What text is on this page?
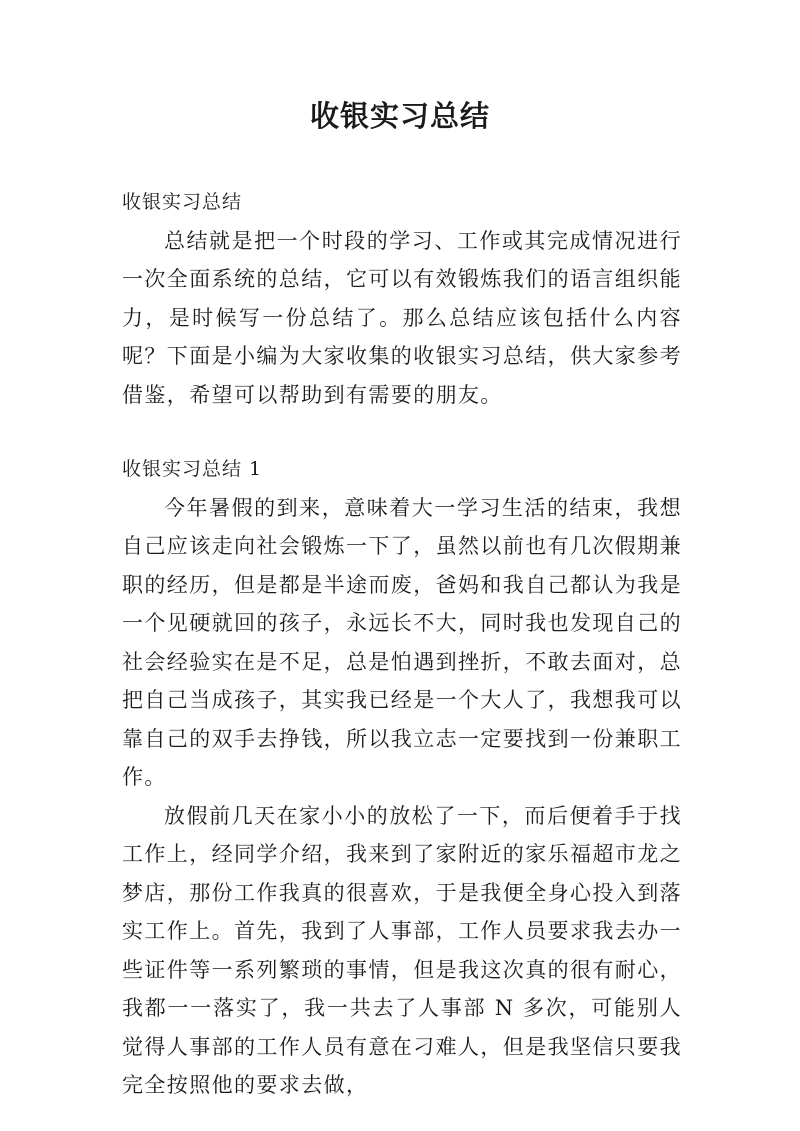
收银实习总结

收银实习总结

总结就是把一个时段的学习、工作或其完成情况进行一次全面系统的总结，它可以有效锻炼我们的语言组织能力，是时候写一份总结了。那么总结应该包括什么内容呢？下面是小编为大家收集的收银实习总结，供大家参考借鉴，希望可以帮助到有需要的朋友。

收银实习总结 1

今年暑假的到来，意味着大一学习生活的结束，我想自己应该走向社会锻炼一下了，虽然以前也有几次假期兼职的经历，但是都是半途而废，爸妈和我自己都认为我是一个见硬就回的孩子，永远长不大，同时我也发现自己的社会经验实在是不足，总是怕遇到挫折，不敢去面对，总把自己当成孩子，其实我已经是一个大人了，我想我可以靠自己的双手去挣钱，所以我立志一定要找到一份兼职工作。

放假前几天在家小小的放松了一下，而后便着手于找工作上，经同学介绍，我来到了家附近的家乐福超市龙之梦店，那份工作我真的很喜欢，于是我便全身心投入到落实工作上。首先，我到了人事部，工作人员要求我去办一些证件等一系列繁琐的事情，但是我这次真的很有耐心，我都一一落实了，我一共去了人事部 N 多次，可能别人觉得人事部的工作人员有意在刁难人，但是我坚信只要我完全按照他的要求去做，
